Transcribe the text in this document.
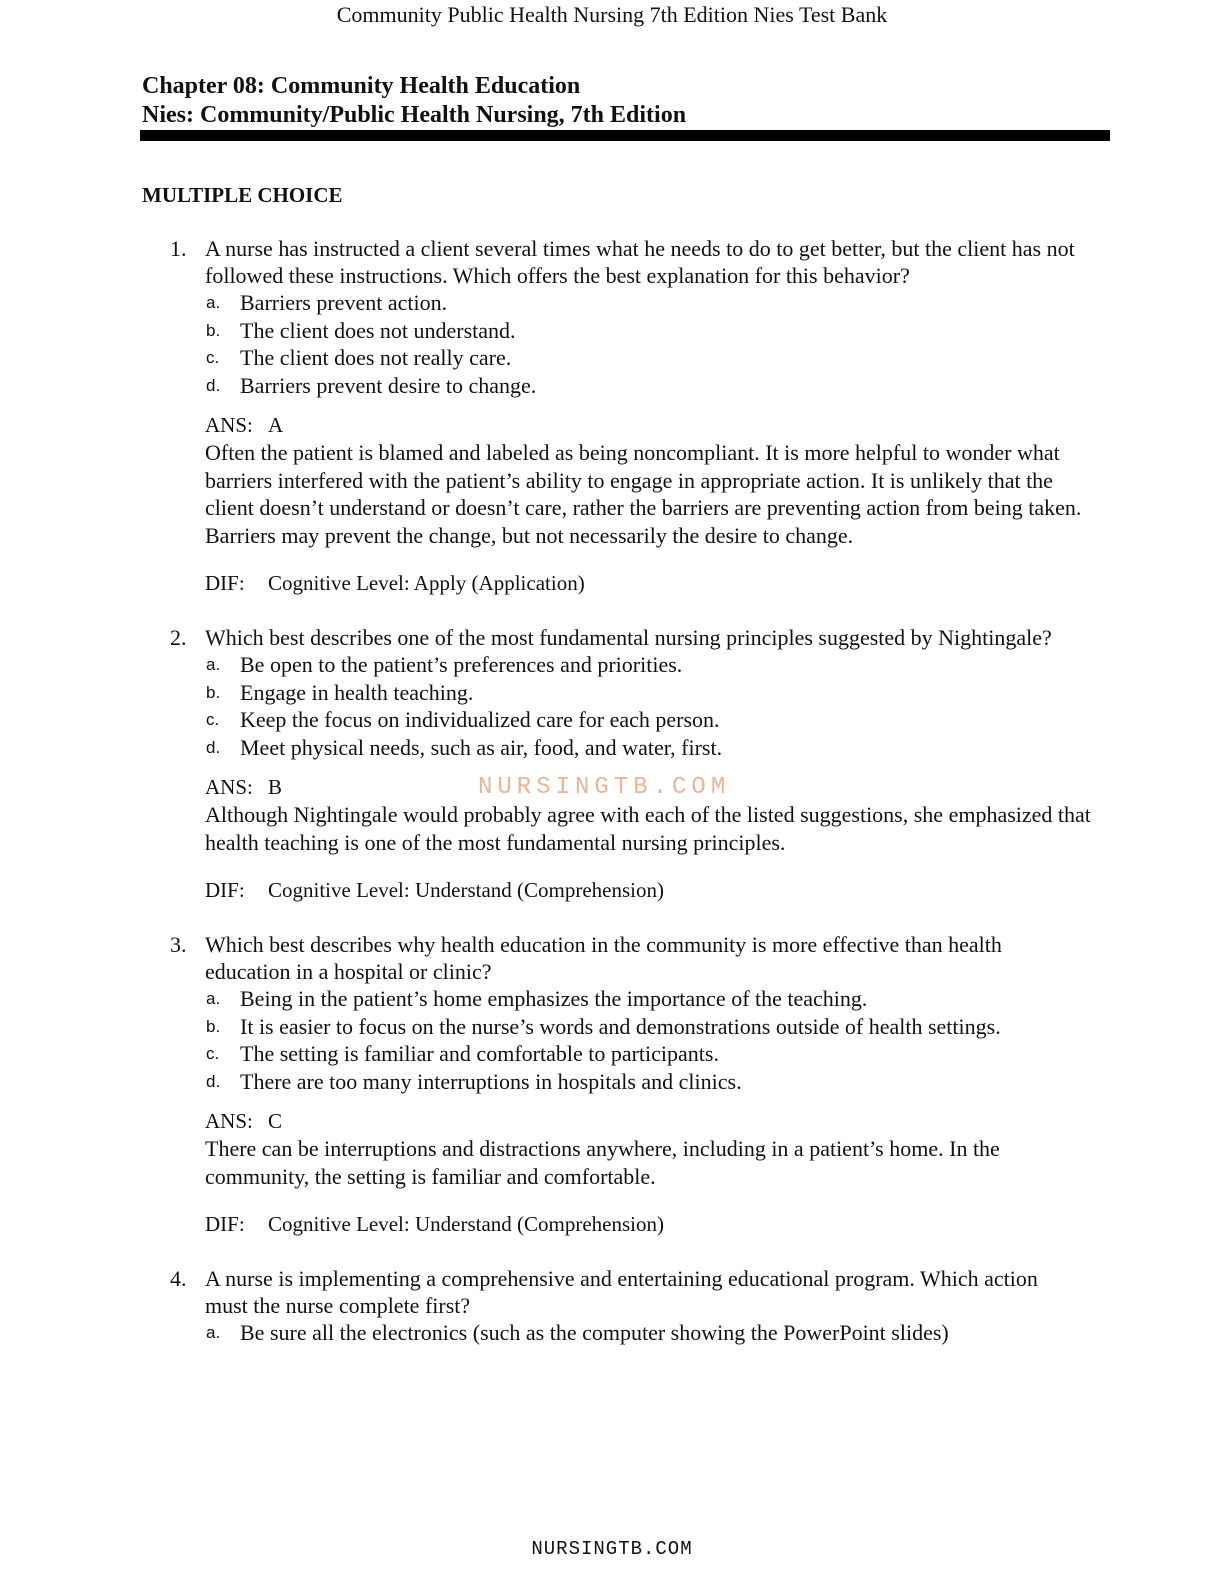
Community Public Health Nursing 7th Edition Nies Test Bank
Chapter 08: Community Health Education
Nies: Community/Public Health Nursing, 7th Edition
MULTIPLE CHOICE
1. A nurse has instructed a client several times what he needs to do to get better, but the client has not followed these instructions. Which offers the best explanation for this behavior?
a. Barriers prevent action.
b. The client does not understand.
c. The client does not really care.
d. Barriers prevent desire to change.
ANS: A
Often the patient is blamed and labeled as being noncompliant. It is more helpful to wonder what barriers interfered with the patient’s ability to engage in appropriate action. It is unlikely that the client doesn’t understand or doesn’t care, rather the barriers are preventing action from being taken. Barriers may prevent the change, but not necessarily the desire to change.
DIF: Cognitive Level: Apply (Application)
2. Which best describes one of the most fundamental nursing principles suggested by Nightingale?
a. Be open to the patient’s preferences and priorities.
b. Engage in health teaching.
c. Keep the focus on individualized care for each person.
d. Meet physical needs, such as air, food, and water, first.
ANS: B
Although Nightingale would probably agree with each of the listed suggestions, she emphasized that health teaching is one of the most fundamental nursing principles.
DIF: Cognitive Level: Understand (Comprehension)
3. Which best describes why health education in the community is more effective than health education in a hospital or clinic?
a. Being in the patient’s home emphasizes the importance of the teaching.
b. It is easier to focus on the nurse’s words and demonstrations outside of health settings.
c. The setting is familiar and comfortable to participants.
d. There are too many interruptions in hospitals and clinics.
ANS: C
There can be interruptions and distractions anywhere, including in a patient’s home. In the community, the setting is familiar and comfortable.
DIF: Cognitive Level: Understand (Comprehension)
4. A nurse is implementing a comprehensive and entertaining educational program. Which action must the nurse complete first?
a. Be sure all the electronics (such as the computer showing the PowerPoint slides)
NURSINGTB.COM
NURSINGTB.COM
